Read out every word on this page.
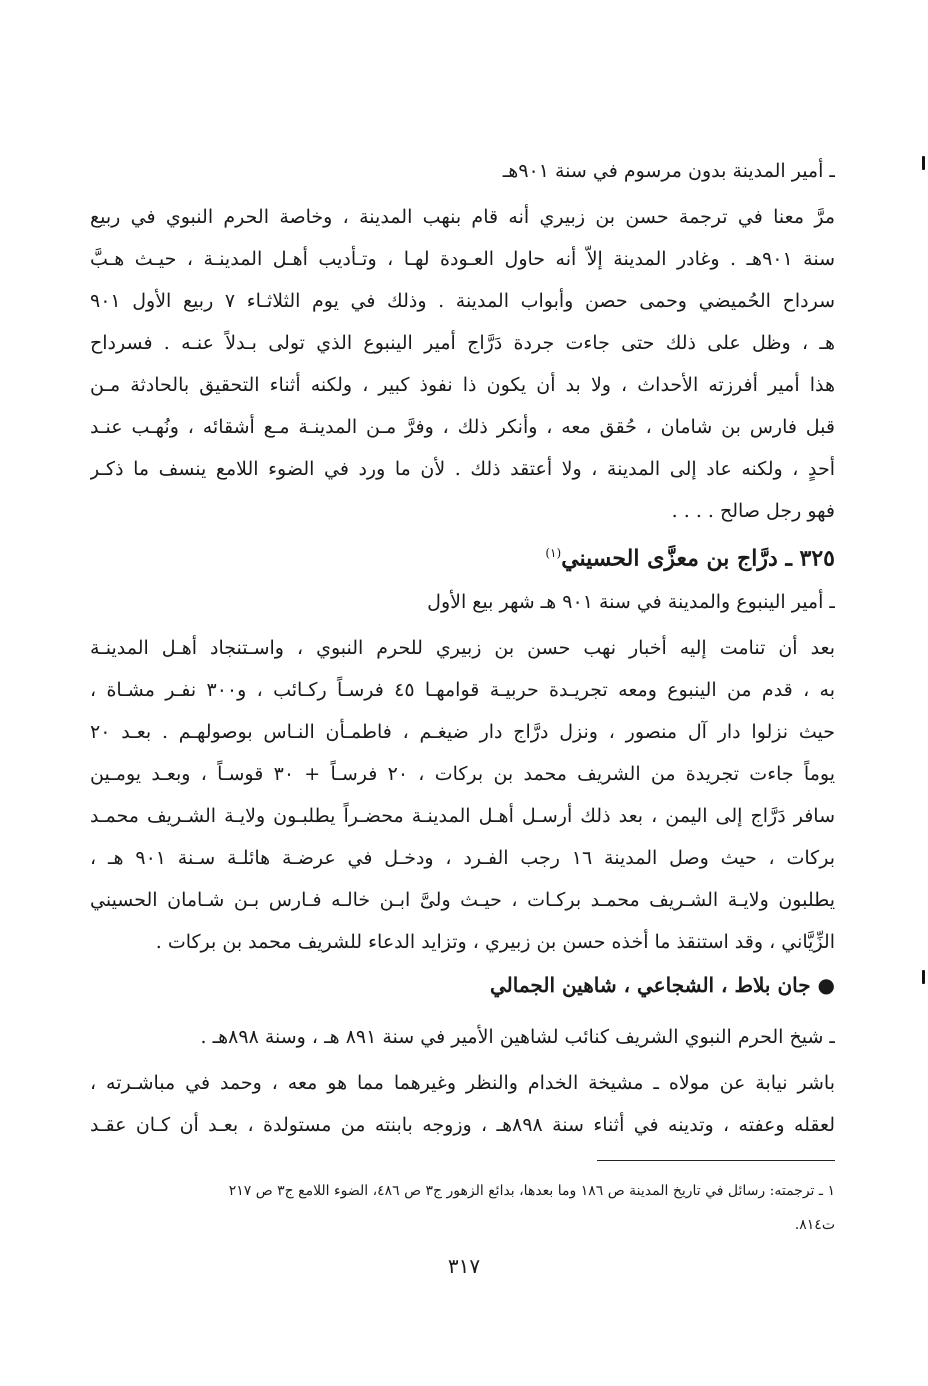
ـ أمير المدينة بدون مرسوم في سنة ٩٠١هـ
مرَّ معنا في ترجمة حسن بن زبيري أنه قام بنهب المدينة ، وخاصة الحرم النبوي في ربيع
سنة ٩٠١هـ . وغادر المدينة إلاّ أنه حاول العـودة لهـا ، وتـأديب أهـل المدينـة ، حيـث هـبَّ
سرداح الحُميضي وحمى حصن وأبواب المدينة . وذلك في يوم الثلاثـاء ٧ ربيع الأول ٩٠١
هـ ، وظل على ذلك حتى جاءت جردة دَرَّاج أمير الينبوع الذي تولى بـدلاً عنـه . فسرداح
هذا أمير أفرزته الأحداث ، ولا بد أن يكون ذا نفوذ كبير ، ولكنه أثناء التحقيق بالحادثة مـن
قبل فارس بن شامان ، حُقق معه ، وأنكر ذلك ، وفرَّ مـن المدينـة مـع أشقائه ، ونُهـب عنـد
أُحدٍ ، ولكنه عاد إلى المدينة ، ولا أعتقد ذلك . لأن ما ورد في الضوء اللامع ينسف ما ذكـر
فهو رجل صالح . . . .
٣٢٥ ـ درَّاج بن معزَّى الحسيني$^{(١)}$
ـ أمير الينبوع والمدينة في سنة ٩٠١ هـ شهر بيع الأول
بعد أن تنامت إليه أخبار نهب حسن بن زبيري للحرم النبوي ، واسـتنجاد أهـل المدينـة
به ، قدم من الينبوع ومعه تجريـدة حربيـة قوامهـا ٤٥ فرسـاً ركـائب ، و٣٠٠ نفـر مشـاة ،
حيث نزلوا دار آل منصور ، ونزل درَّاج دار ضيغـم ، فاطمـأن النـاس بوصولهـم . بعـد ٢٠
يوماً جاءت تجريدة من الشريف محمد بن بركات ، ٢٠ فرسـاً + ٣٠ قوسـاً ، وبعـد يومـين
سافر دَرَّاج إلى اليمن ، بعد ذلك أرسـل أهـل المدينـة محضـراً يطلبـون ولايـة الشـريف محمـد
بركات ، حيث وصل المدينة ١٦ رجب الفـرد ، ودخـل في عرضـة هائلـة سـنة ٩٠١ هـ ،
يطلبون ولايـة الشـريف محمـد بركـات ، حيـث ولىَّ ابـن خالـه فـارس بـن شـامان الحسيني
الزِّيَّاني ، وقد استنقذ ما أخذه حسن بن زبيري ، وتزايد الدعاء للشريف محمد بن بركات .
● جان بلاط ، الشجاعي ، شاهين الجمالي
ـ شيخ الحرم النبوي الشريف كنائب لشاهين الأمير في سنة ٨٩١ هـ ، وسنة ٨٩٨هـ .
باشر نيابة عن مولاه ـ مشيخة الخدام والنظر وغيرهما مما هو معه ، وحمد في مباشـرته ،
لعقله وعفته ، وتدينه في أثناء سنة ٨٩٨هـ ، وزوجه بابنته من مستولدة ، بعـد أن كـان عقـد
١ ـ ترجمته: رسائل في تاريخ المدينة ص ١٨٦ وما بعدها، بدائع الزهور ج٣ ص ٤٨٦، الضوء اللامع ج٣ ص ٢١٧
ت٨١٤.
٣١٧
